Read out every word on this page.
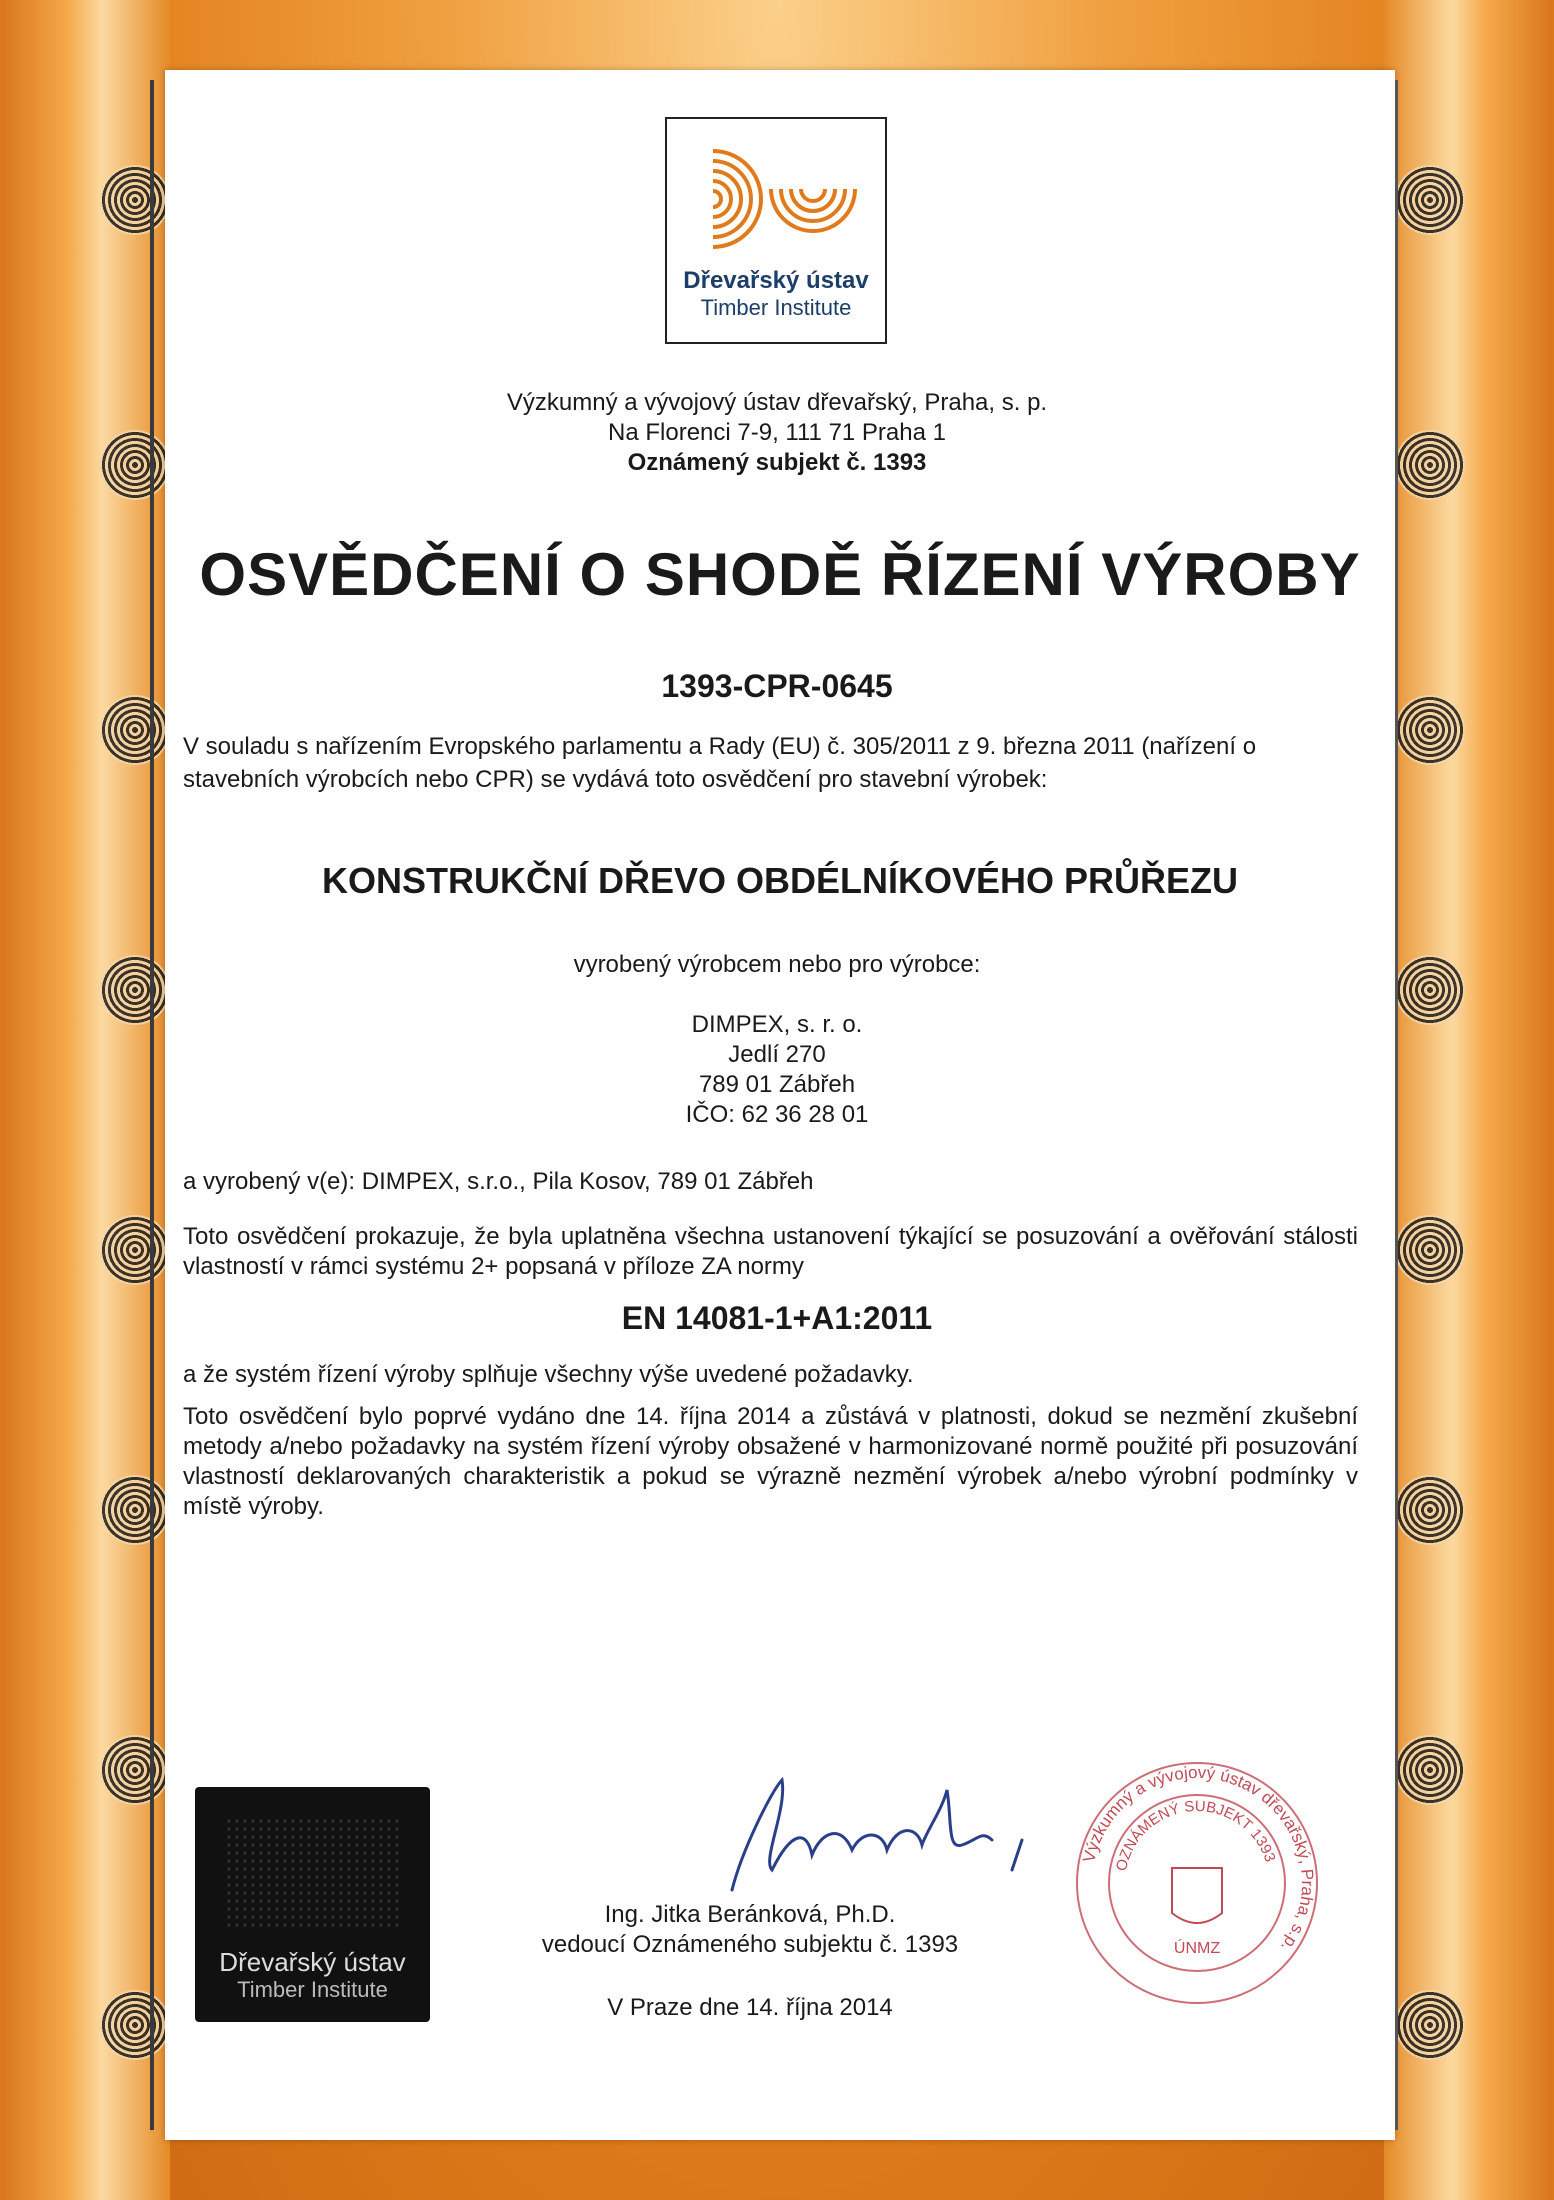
Dřevařský ústav
Timber Institute
Výzkumný a vývojový ústav dřevařský, Praha, s. p.
Na Florenci 7-9, 111 71 Praha 1
Oznámený subjekt č. 1393
OSVĚDČENÍ O SHODĚ ŘÍZENÍ VÝROBY
1393-CPR-0645
V souladu s nařízením Evropského parlamentu a Rady (EU) č. 305/2011 z 9. března 2011 (nařízení o
stavebních výrobcích nebo CPR) se vydává toto osvědčení pro stavební výrobek:
KONSTRUKČNÍ DŘEVO OBDÉLNÍKOVÉHO PRŮŘEZU
vyrobený výrobcem nebo pro výrobce:
DIMPEX, s. r. o.
Jedlí 270
789 01 Zábřeh
IČO: 62 36 28 01
a vyrobený v(e): DIMPEX, s.r.o., Pila Kosov, 789 01 Zábřeh
Toto osvědčení prokazuje, že byla uplatněna všechna ustanovení týkající se posuzování a ověřování stálosti vlastností v rámci systému 2+ popsaná v příloze ZA normy
EN 14081-1+A1:2011
a že systém řízení výroby splňuje všechny výše uvedené požadavky.
Toto osvědčení bylo poprvé vydáno dne 14. října 2014 a zůstává v platnosti, dokud se nezmění zkušební metody a/nebo požadavky na systém řízení výroby obsažené v harmonizované normě použité při posuzování vlastností deklarovaných charakteristik a pokud se výrazně nezmění výrobek a/nebo výrobní podmínky v místě výroby.
Dřevařský ústav
Timber Institute
Ing. Jitka Beránková, Ph.D.
vedoucí Oznámeného subjektu č. 1393
V Praze dne 14. října 2014
Výzkumný a vývojový ústav dřevařský, Praha, s.p.
OZNÁMENÝ SUBJEKT 1393
ÚNMZ
